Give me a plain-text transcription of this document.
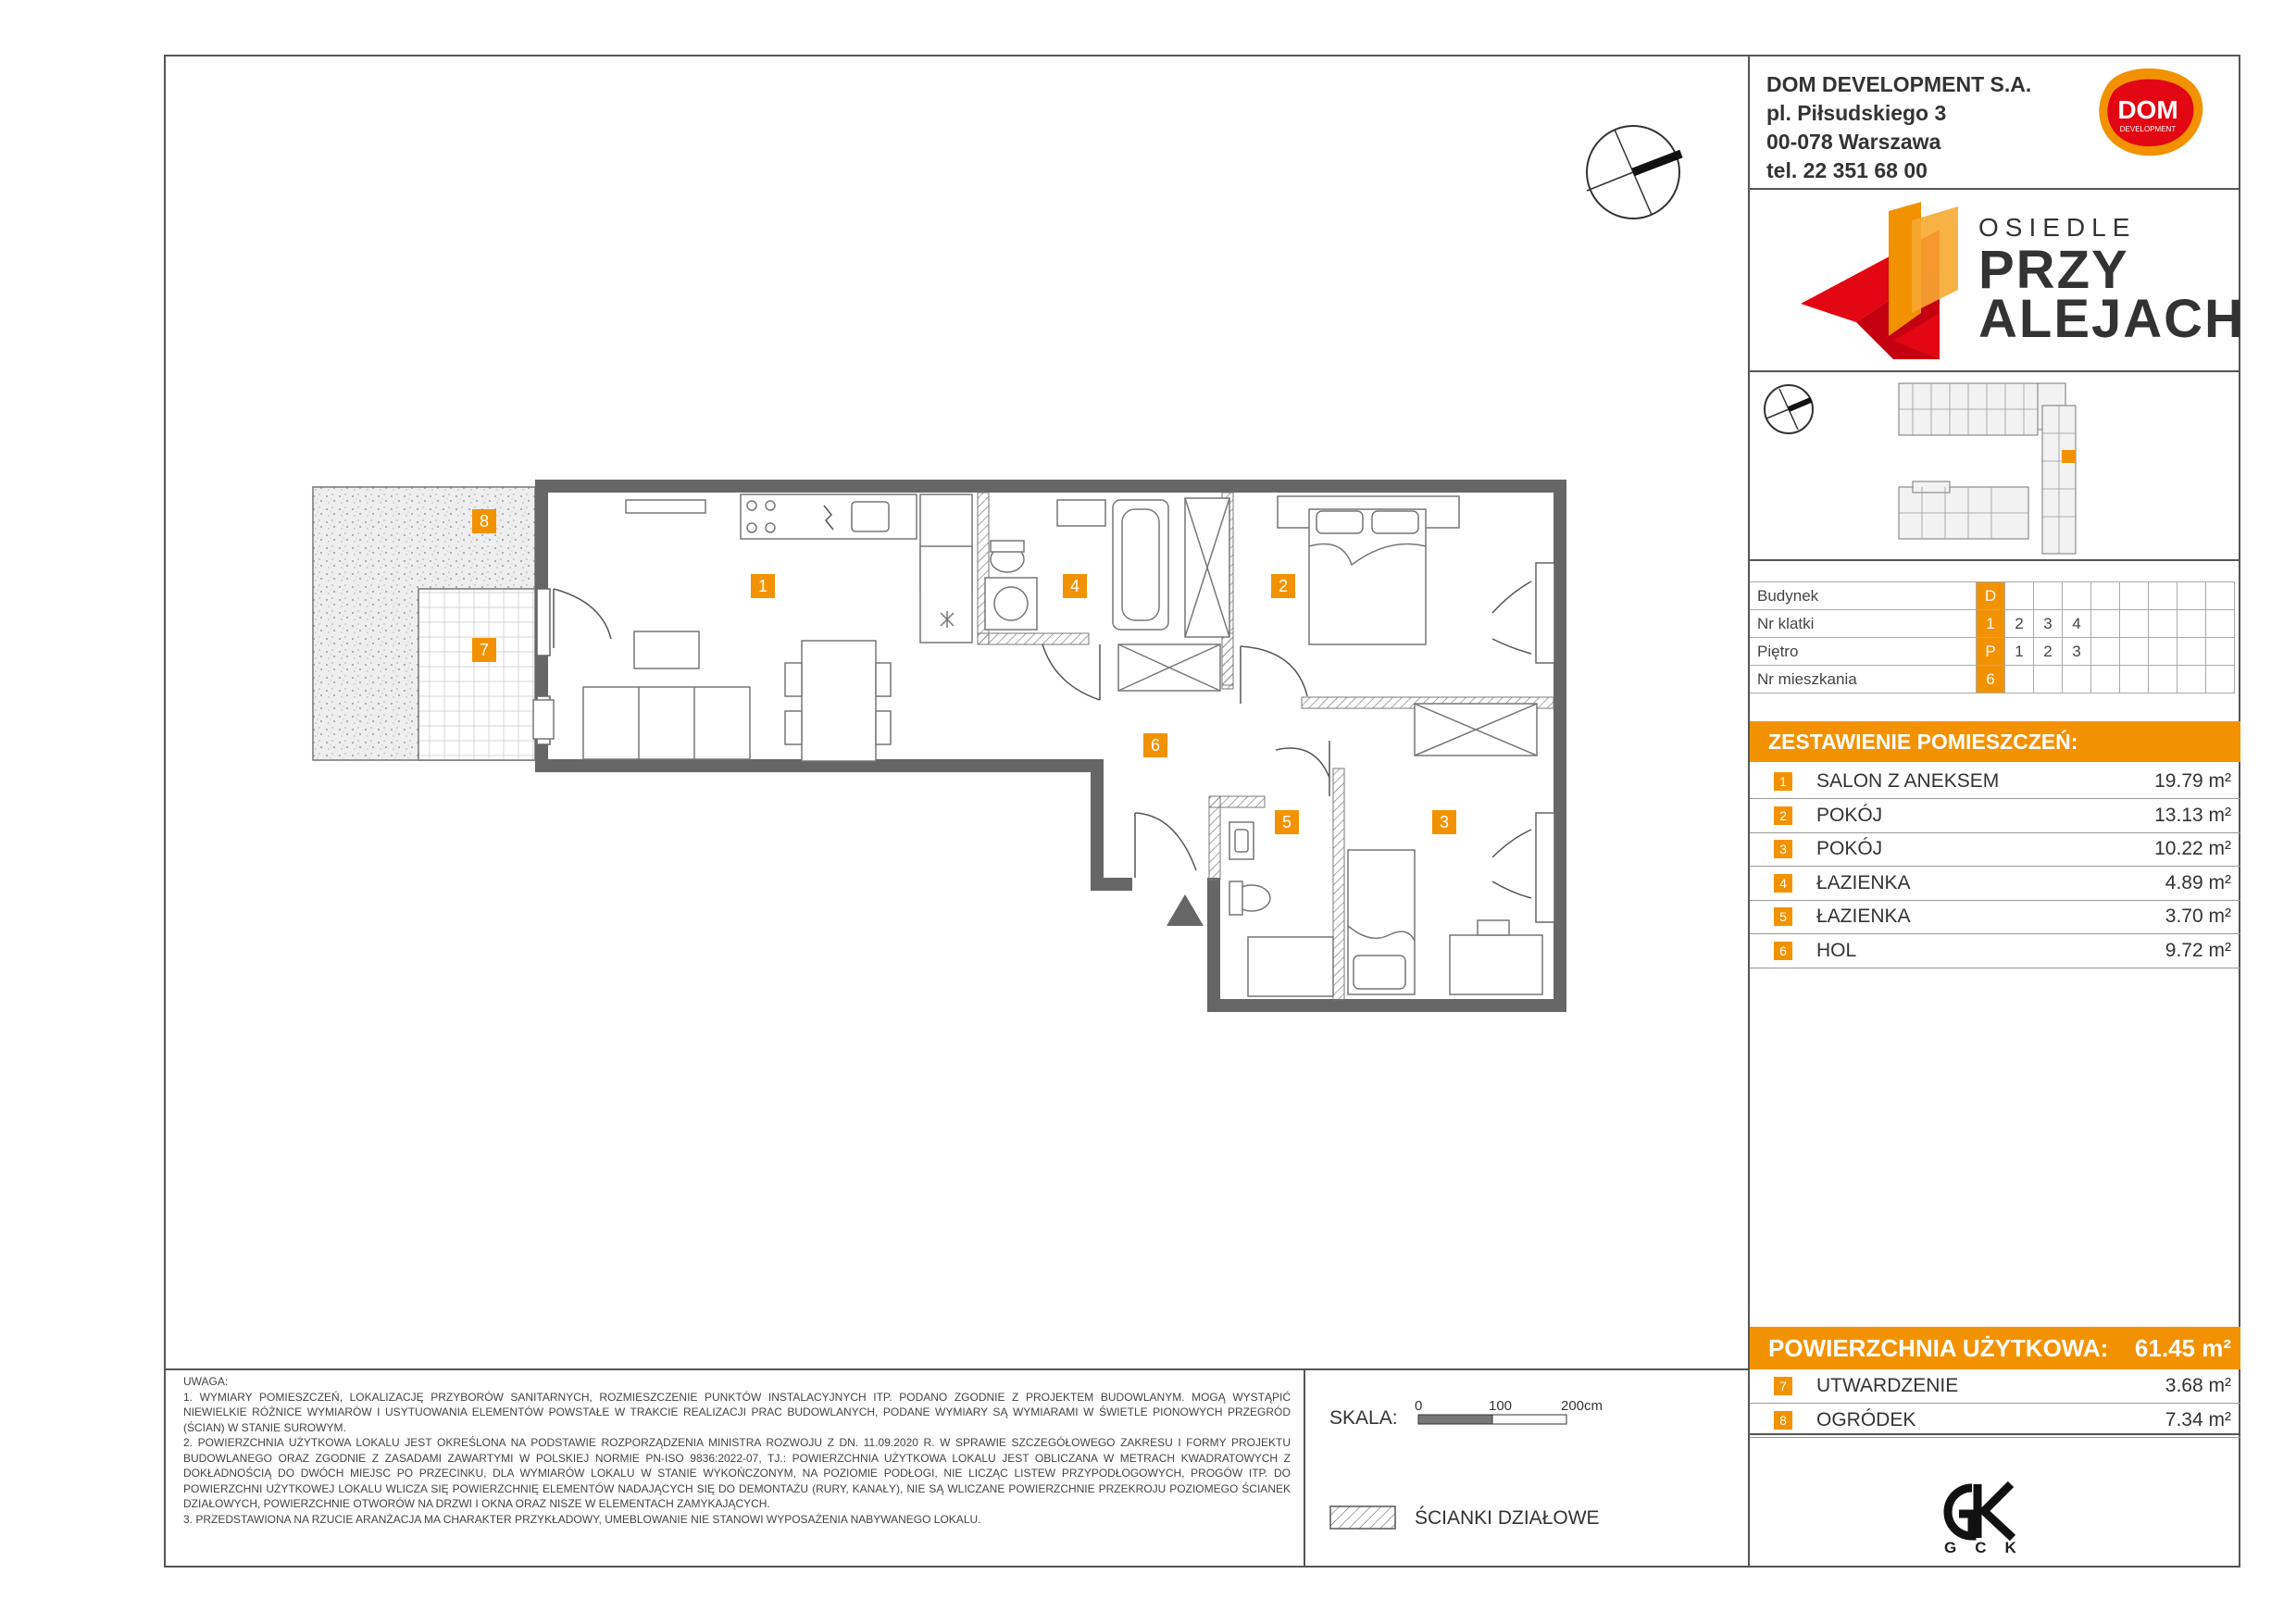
DOM DEVELOPMENT S.A.
pl. Piłsudskiego 3
00-078 Warszawa
tel. 22 351 68 00
DOM
DEVELOPMENT
OSIEDLE
PRZY
ALEJACH
Budynek	D								
Nr klatki	1	2	3	4					
Piętro	P	1	2	3					
Nr mieszkania	6								
ZESTAWIENIE POMIESZCZEŃ:
1 SALON Z ANEKSEM	19.79 m²
2 POKÓJ	13.13 m²
3 POKÓJ	10.22 m²
4 ŁAZIENKA	4.89 m²
5 ŁAZIENKA	3.70 m²
6 HOL	9.72 m²
POWIERZCHNIA UŻYTKOWA: 61.45 m²
7 UTWARDZENIE	3.68 m²
8 OGRÓDEK	7.34 m²

UWAGA:

1. WYMIARY POMIESZCZEŃ, LOKALIZACJĘ PRZYBORÓW SANITARNYCH, ROZMIESZCZENIE PUNKTÓW INSTALACYJNYCH ITP. PODANO ZGODNIE Z PROJEKTEM BUDOWLANYM. MOGĄ WYSTĄPIĆ NIEWIELKIE RÓŻNICE WYMIARÓW I USYTUOWANIA ELEMENTÓW POWSTAŁE W TRAKCIE REALIZACJI PRAC BUDOWLANYCH, PODANE WYMIARY SĄ WYMIARAMI W ŚWIETLE PIONOWYCH PRZEGRÓD (ŚCIAN) W STANIE SUROWYM.

2. POWIERZCHNIA UŻYTKOWA LOKALU JEST OKREŚLONA NA PODSTAWIE ROZPORZĄDZENIA MINISTRA ROZWOJU Z DN. 11.09.2020 R. W SPRAWIE SZCZEGÓŁOWEGO ZAKRESU I FORMY PROJEKTU BUDOWLANEGO ORAZ ZGODNIE Z ZASADAMI ZAWARTYMI W POLSKIEJ NORMIE PN-ISO 9836:2022-07, TJ.: POWIERZCHNIA UŻYTKOWA LOKALU JEST OBLICZANA W METRACH KWADRATOWYCH Z DOKŁADNOŚCIĄ DO DWÓCH MIEJSC PO PRZECINKU, DLA WYMIARÓW LOKALU W STANIE WYKOŃCZONYM, NA POZIOMIE PODŁOGI, NIE LICZĄC LISTEW PRZYPODŁOGOWYCH, PROGÓW ITP. DO POWIERZCHNI UŻYTKOWEJ LOKALU WLICZA SIĘ POWIERZCHNIĘ ELEMENTÓW NADAJĄCYCH SIĘ DO DEMONTAŻU (RURY, KANAŁY), NIE SĄ WLICZANE POWIERZCHNIE PRZEKROJU POZIOMEGO ŚCIANEK DZIAŁOWYCH, POWIERZCHNIE OTWORÓW NA DRZWI I OKNA ORAZ NISZE W ELEMENTACH ZAMYKAJĄCYCH.

3. PRZEDSTAWIONA NA RZUCIE ARANŻACJA MA CHARAKTER PRZYKŁADOWY, UMEBLOWANIE NIE STANOWI WYPOSAŻENIA NABYWANEGO LOKALU.

SKALA:
0	100	200cm
ŚCIANKI DZIAŁOWE
GCK
1	2
3
4
5
6
7
8
